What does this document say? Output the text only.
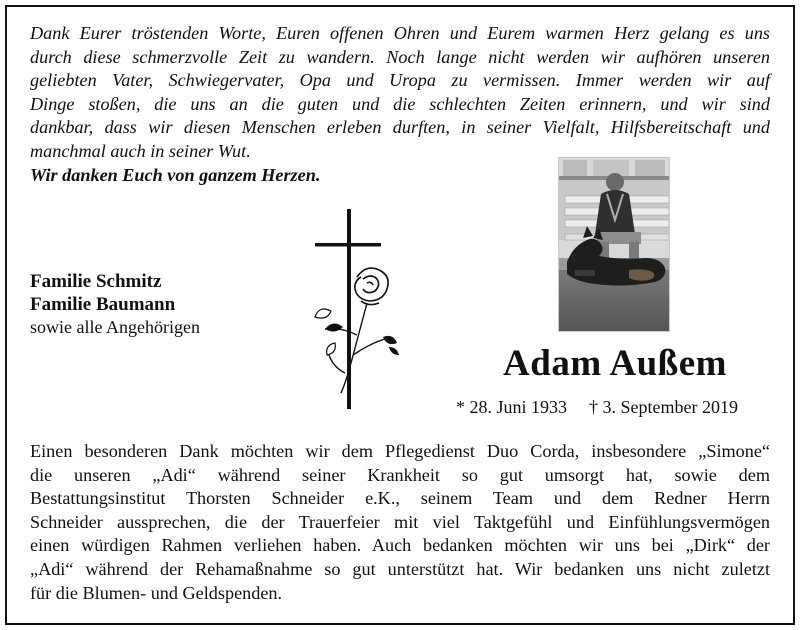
Dank Eurer tröstenden Worte, Euren offenen Ohren und Eurem warmen Herz gelang es uns

durch diese schmerzvolle Zeit zu wandern. Noch lange nicht werden wir aufhören unseren

geliebten Vater, Schwiegervater, Opa und Uropa zu vermissen. Immer werden wir auf

Dinge stoßen, die uns an die guten und die schlechten Zeiten erinnern, und wir sind

dankbar, dass wir diesen Menschen erleben durften, in seiner Vielfalt, Hilfsbereitschaft und

manchmal auch in seiner Wut.

Wir danken Euch von ganzem Herzen.

Familie Schmitz
Familie Baumann
sowie alle Angehörigen
Adam Außem
* 28. Juni 1933 † 3. September 2019

Einen besonderen Dank möchten wir dem Pflegedienst Duo Corda, insbesondere „Simone“

die unseren „Adi“ während seiner Krankheit so gut umsorgt hat, sowie dem

Bestattungsinstitut Thorsten Schneider e.K., seinem Team und dem Redner Herrn

Schneider aussprechen, die der Trauerfeier mit viel Taktgefühl und Einfühlungsvermögen

einen würdigen Rahmen verliehen haben. Auch bedanken möchten wir uns bei „Dirk“ der

„Adi“ während der Rehamaßnahme so gut unterstützt hat. Wir bedanken uns nicht zuletzt

für die Blumen- und Geldspenden.
